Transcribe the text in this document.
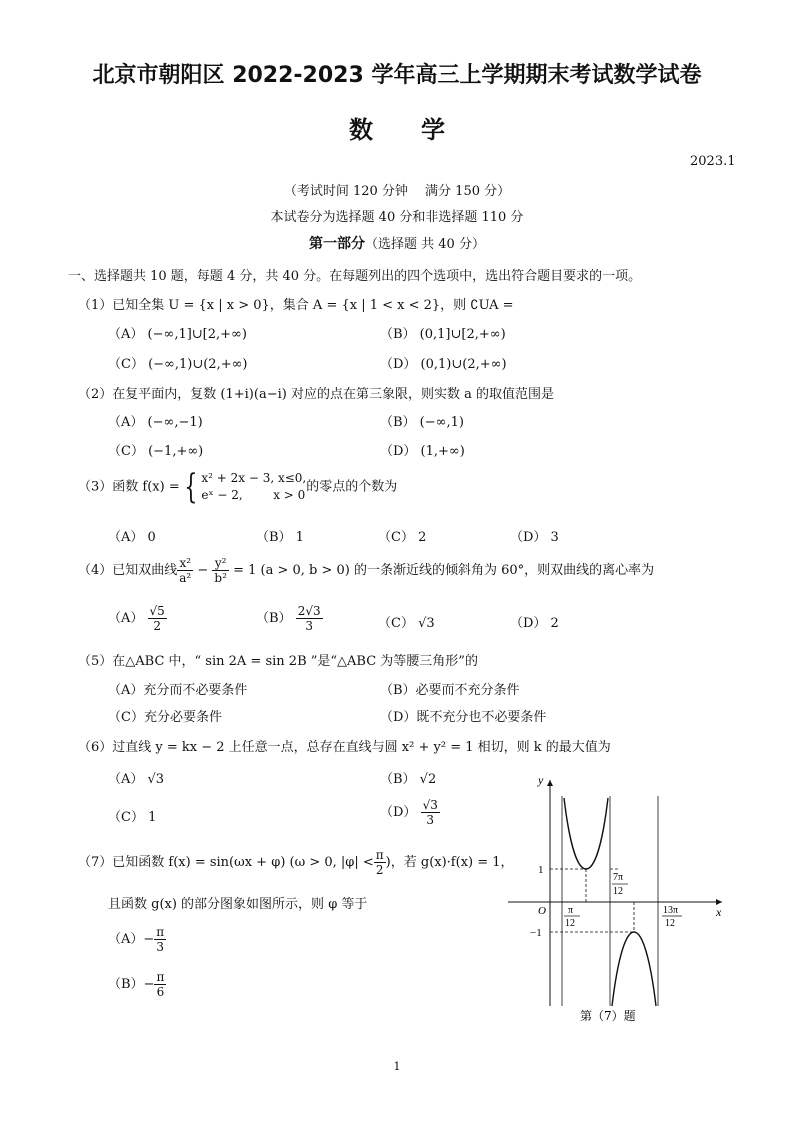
北京市朝阳区 2022-2023 学年高三上学期期末考试数学试卷
数　　学
2023.1
（考试时间 120 分钟　 满分 150 分）
本试卷分为选择题 40 分和非选择题 110 分
第一部分（选择题 共 40 分）
一、选择题共 10 题，每题 4 分，共 40 分。在每题列出的四个选项中，选出符合题目要求的一项。
（1）已知全集 U = {x | x > 0}，集合 A = {x | 1 < x < 2}，则 ∁UA =
（A） (−∞,1]∪[2,+∞)	（B） (0,1]∪[2,+∞)
（C） (−∞,1)∪(2,+∞)	（D） (0,1)∪(2,+∞)
（2）在复平面内，复数 (1+i)(a−i) 对应的点在第三象限，则实数 a 的取值范围是
（A） (−∞,−1)	（B） (−∞,1)
（C） (−1,+∞)	（D） (1,+∞)
（3）函数 f(x) = { x² + 2x − 3, x≤0,
eˣ − 2,        x > 0
的零点的个数为
（A） 0	（B） 1	（C） 2	（D） 3
（4）已知双曲线 $\frac{\text{x²}}{\text{a²}} - \frac{\text{y²}}{\text{b²}} = 1$ (a > 0, b > 0) 的一条渐近线的倾斜角为 60°，则双曲线的离心率为
$(A) \frac{√5}{2}$	$(B) \frac{2√3}{3}$	（C） √3	（D） 2
（5）在△ABC 中，“ sin 2A = sin 2B ”是“△ABC 为等腰三角形”的
（A）充分而不必要条件	（B）必要而不充分条件
（C）充分必要条件	（D）既不充分也不必要条件
（6）过直线 y = kx − 2 上任意一点，总存在直线与圆 x² + y² = 1 相切，则 k 的最大值为
（A） √3	（B） √2
（C） 1	$(D) \frac{√3}{3}$
（7）已知函数 f(x) = sin(ωx + φ) (ω > 0, $|\varphi| < \frac{\pi}{2}$ )，若 g(x)·f(x) = 1，
且函数 g(x) 的部分图象如图所示，则 φ 等于
$(A)- \frac{\pi}{3}$
$(B)- \frac{\pi}{6}$
y
x
O
1
−1
π
12
7π
12
13π
12
第（7）题
1
